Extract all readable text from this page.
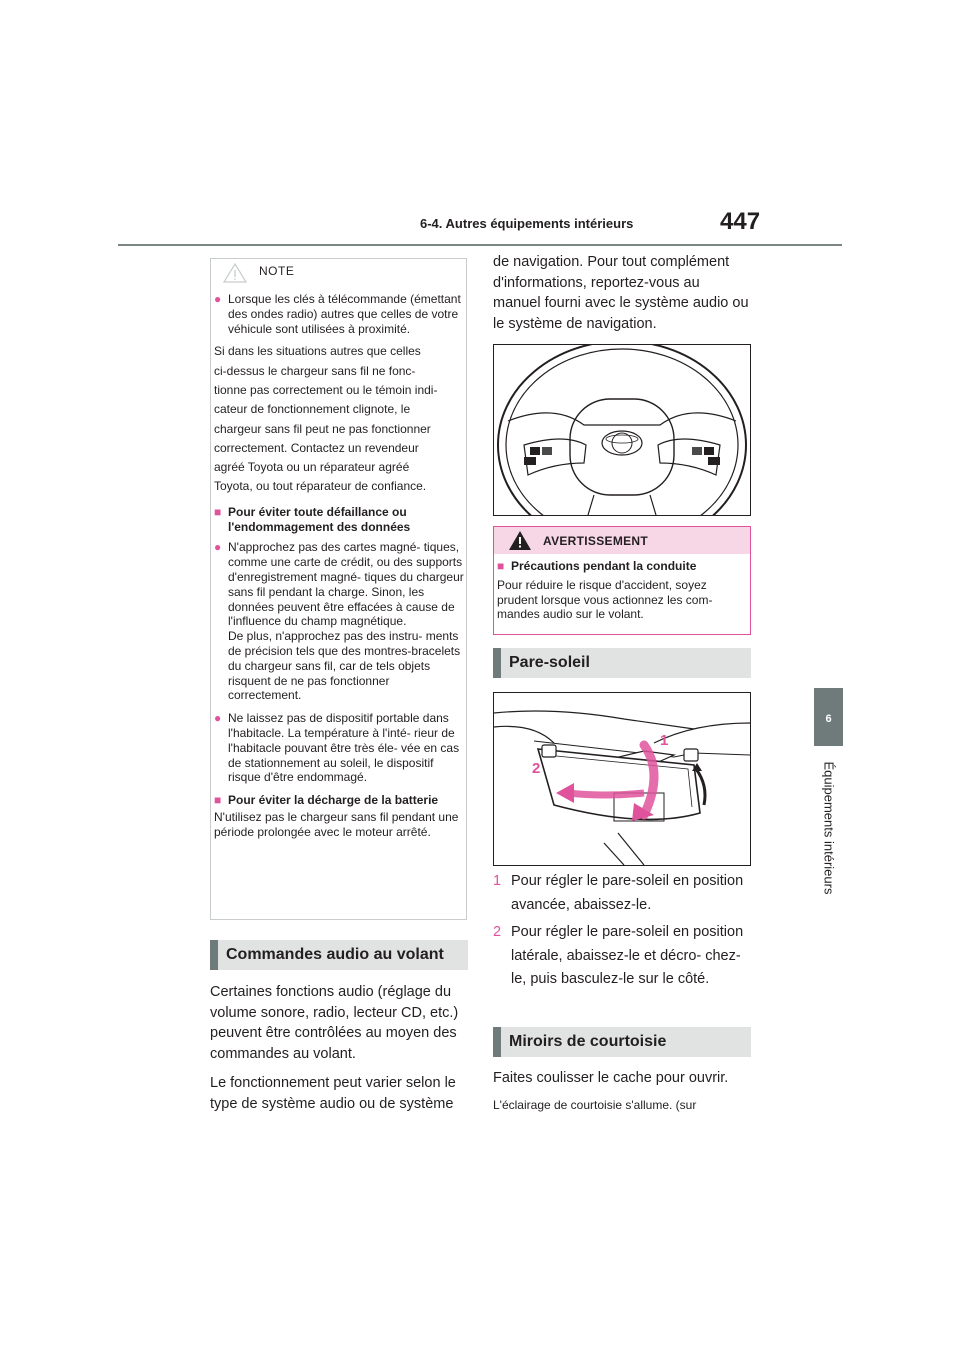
6-4. Autres équipements intérieurs	447
6
Équipements intérieurs
NOTE
● Lorsque les clés à télécommande (émettant des ondes radio) autres que celles de votre véhicule sont utilisées à proximité.

Si dans les situations autres que celles

ci-dessus le chargeur sans fil ne fonc-

tionne pas correctement ou le témoin indi-

cateur de fonctionnement clignote, le

chargeur sans fil peut ne pas fonctionner

correctement. Contactez un revendeur

agréé Toyota ou un réparateur agréé

Toyota, ou tout réparateur de confiance.

■ Pour éviter toute défaillance ou l'endommagement des données
● N'approchez pas des cartes magné- tiques, comme une carte de crédit, ou des supports d'enregistrement magné- tiques du chargeur sans fil pendant la charge. Sinon, les données peuvent être effacées à cause de l'influence du champ magnétique.
De plus, n'approchez pas des instru- ments de précision tels que des montres-bracelets du chargeur sans fil, car de tels objets risquent de ne pas fonctionner correctement.
● Ne laissez pas de dispositif portable dans l'habitacle. La température à l'inté- rieur de l'habitacle pouvant être très éle- vée en cas de stationnement au soleil, le dispositif risque d'être endommagé.
■ Pour éviter la décharge de la batterie

N'utilisez pas le chargeur sans fil pendant une période prolongée avec le moteur arrêté.

Commandes audio au volant

Certaines fonctions audio (réglage du volume sonore, radio, lecteur CD, etc.) peuvent être contrôlées au moyen des commandes au volant.

Le fonctionnement peut varier selon le type de système audio ou de système

de navigation. Pour tout complément d'informations, reportez-vous au manuel fourni avec le système audio ou le système de navigation.
AVERTISSEMENT
■ Précautions pendant la conduite

Pour réduire le risque d'accident, soyez prudent lorsque vous actionnez les com- mandes audio sur le volant.

Pare-soleil
1
2
1 Pour régler le pare-soleil en position avancée, abaissez-le.
2 Pour régler le pare-soleil en position latérale, abaissez-le et décro- chez-le, puis basculez-le sur le côté.
Miroirs de courtoisie
Faites coulisser le cache pour ouvrir.
L'éclairage de courtoisie s'allume. (sur
